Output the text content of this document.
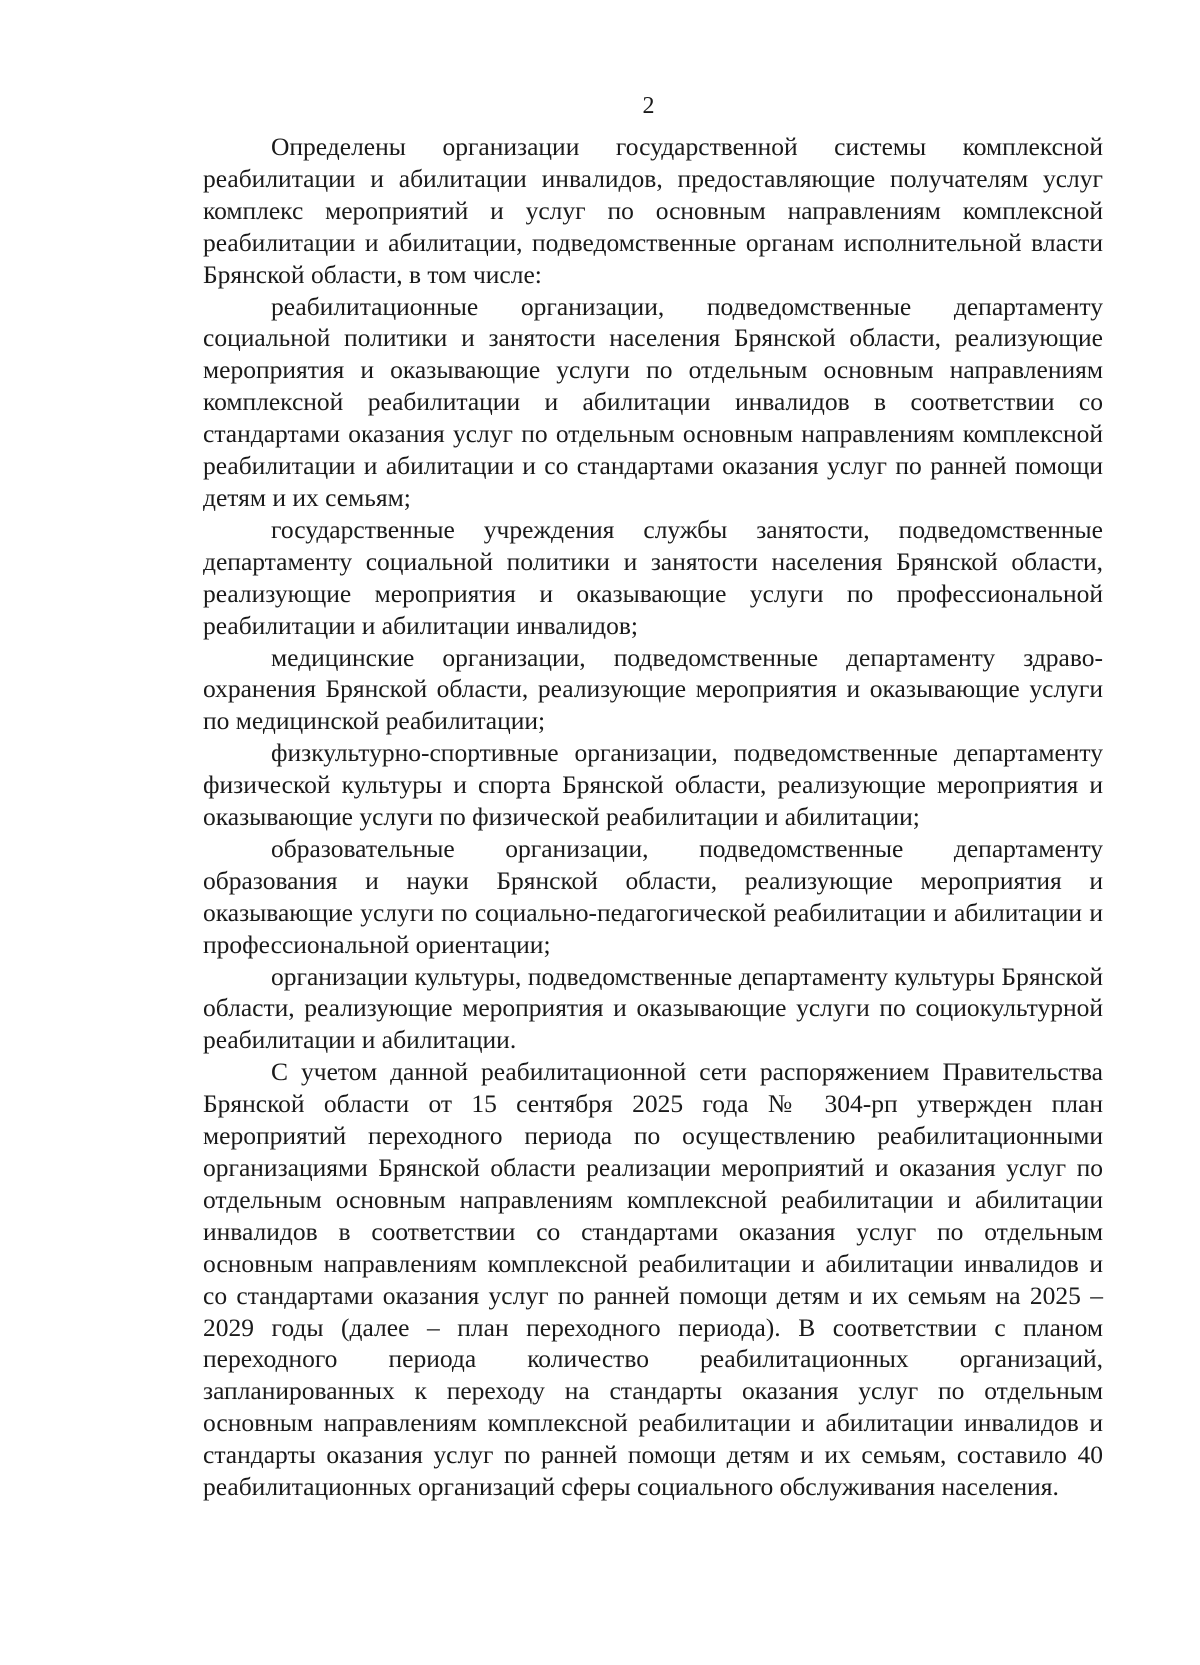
2

Определены организации государственной системы комплексной реабилитации и абилитации инвалидов, предоставляющие получателям услуг комплекс мероприятий и услуг по основным направлениям комплексной реабилитации и абилитации, подведомственные органам исполнительной власти Брянской области, в том числе:

реабилитационные организации, подведомственные департаменту социальной политики и занятости населения Брянской области, реализующие мероприятия и оказывающие услуги по отдельным основным направлениям комплексной реабилитации и абилитации инвалидов в соответствии со стандартами оказания услуг по отдельным основным направлениям комплексной реабилитации и абилитации и со стандартами оказания услуг по ранней помощи детям и их семьям;

государственные учреждения службы занятости, подведомственные департаменту социальной политики и занятости населения Брянской области, реализующие мероприятия и оказывающие услуги по профессиональной реабилитации и абилитации инвалидов;

медицинские организации, подведомственные департаменту здравоохранения Брянской области, реализующие мероприятия и оказывающие услуги по медицинской реабилитации;

физкультурно-спортивные организации, подведомственные департаменту физической культуры и спорта Брянской области, реализующие мероприятия и оказывающие услуги по физической реабилитации и абилитации;

образовательные организации, подведомственные департаменту образования и науки Брянской области, реализующие мероприятия и оказывающие услуги по социально-педагогической реабилитации и абилитации и профессиональной ориентации;

организации культуры, подведомственные департаменту культуры Брянской области, реализующие мероприятия и оказывающие услуги по социокультурной реабилитации и абилитации.

С учетом данной реабилитационной сети распоряжением Правительства Брянской области от 15 сентября 2025 года № 304-рп утвержден план мероприятий переходного периода по осуществлению реабилитационными организациями Брянской области реализации мероприятий и оказания услуг по отдельным основным направлениям комплексной реабилитации и абилитации инвалидов в соответствии со стандартами оказания услуг по отдельным основным направлениям комплексной реабилитации и абилитации инвалидов и со стандартами оказания услуг по ранней помощи детям и их семьям на 2025 – 2029 годы (далее – план переходного периода). В соответствии с планом переходного периода количество реабилитационных организаций, запланированных к переходу на стандарты оказания услуг по отдельным основным направлениям комплексной реабилитации и абилитации инвалидов и стандарты оказания услуг по ранней помощи детям и их семьям, составило 40 реабилитационных организаций сферы социального обслуживания населения.
